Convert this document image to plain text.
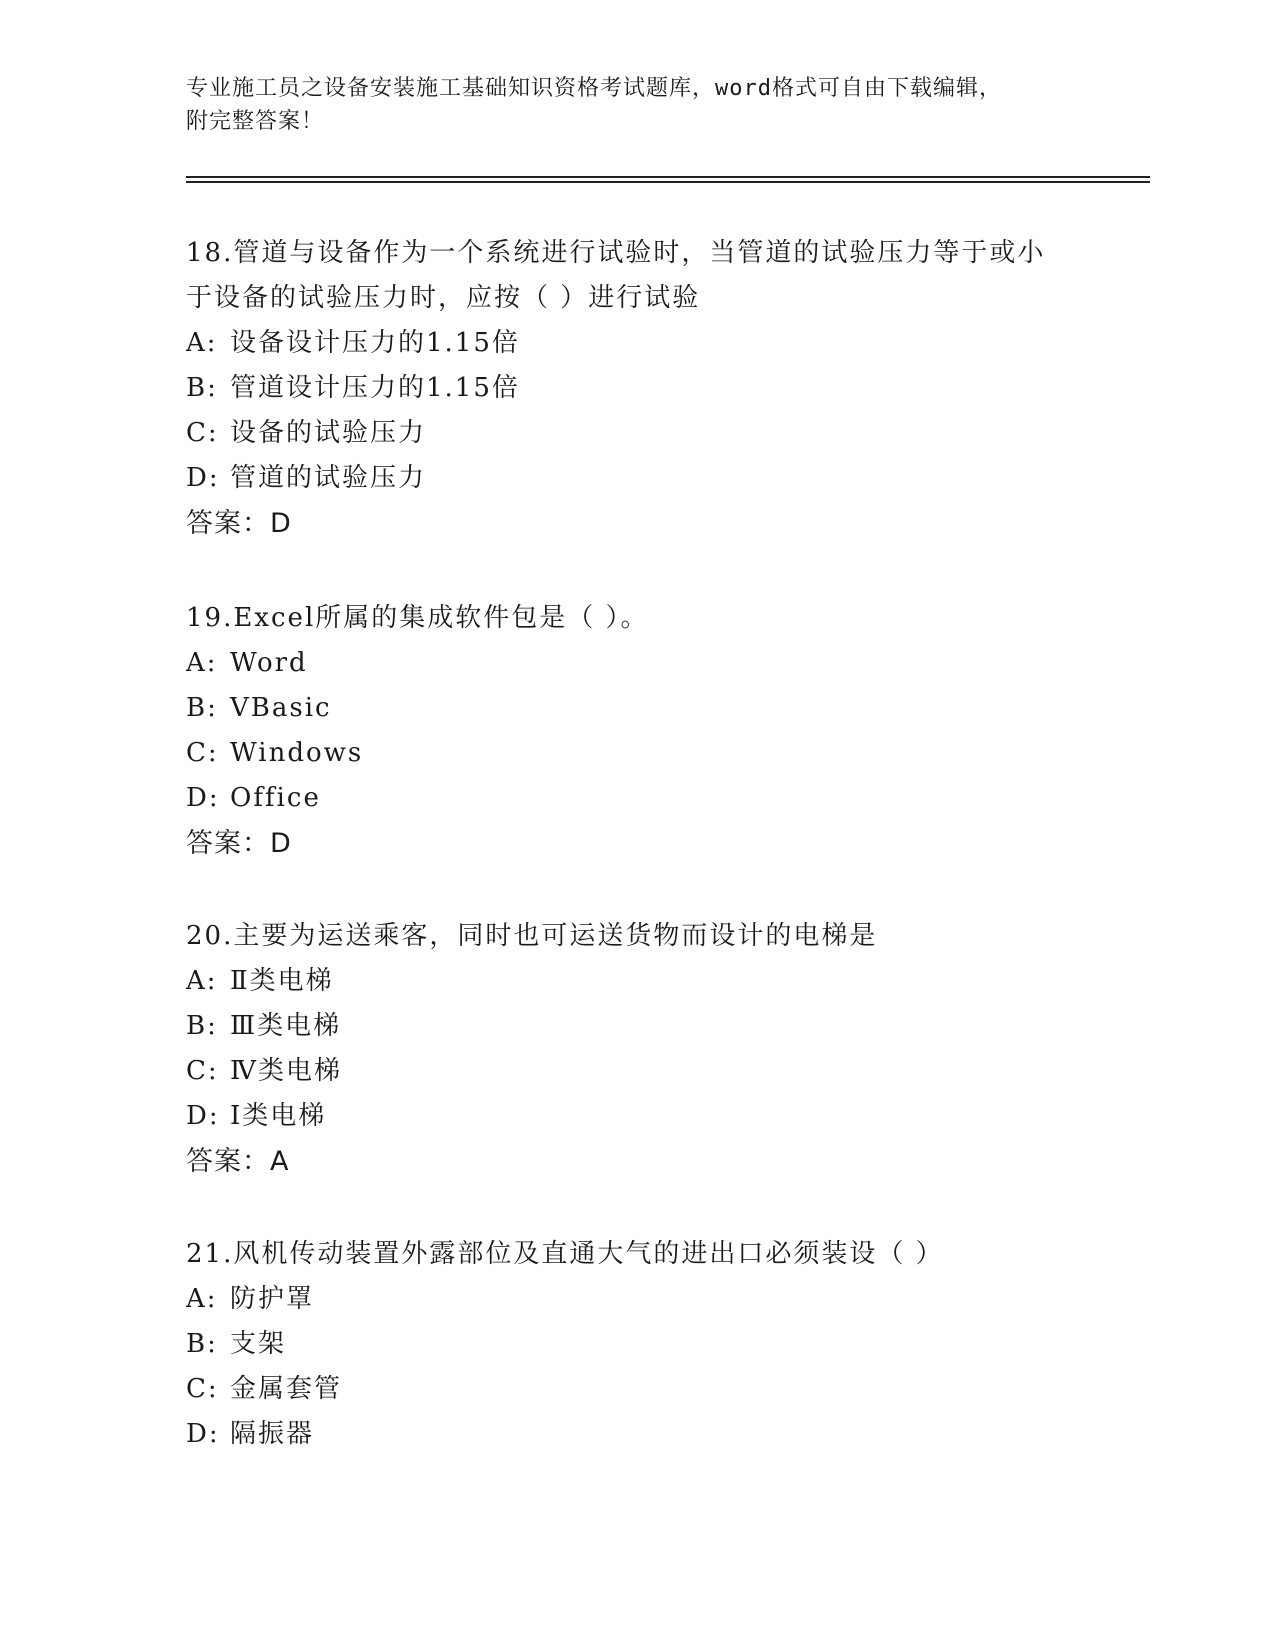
专业施工员之设备安装施工基础知识资格考试题库，word格式可自由下载编辑，
附完整答案！
18.管道与设备作为一个系统进行试验时，当管道的试验压力等于或小
于设备的试验压力时，应按（ ）进行试验
A: 设备设计压力的1.15倍
B: 管道设计压力的1.15倍
C: 设备的试验压力
D: 管道的试验压力
答案：D
19.Excel所属的集成软件包是（ ）。
A: Word
B: VBasic
C: Windows
D: Office
答案：D
20.主要为运送乘客，同时也可运送货物而设计的电梯是
A: Ⅱ类电梯
B: Ⅲ类电梯
C: Ⅳ类电梯
D: Ⅰ类电梯
答案：A
21.风机传动装置外露部位及直通大气的进出口必须装设（ ）
A: 防护罩
B: 支架
C: 金属套管
D: 隔振器
